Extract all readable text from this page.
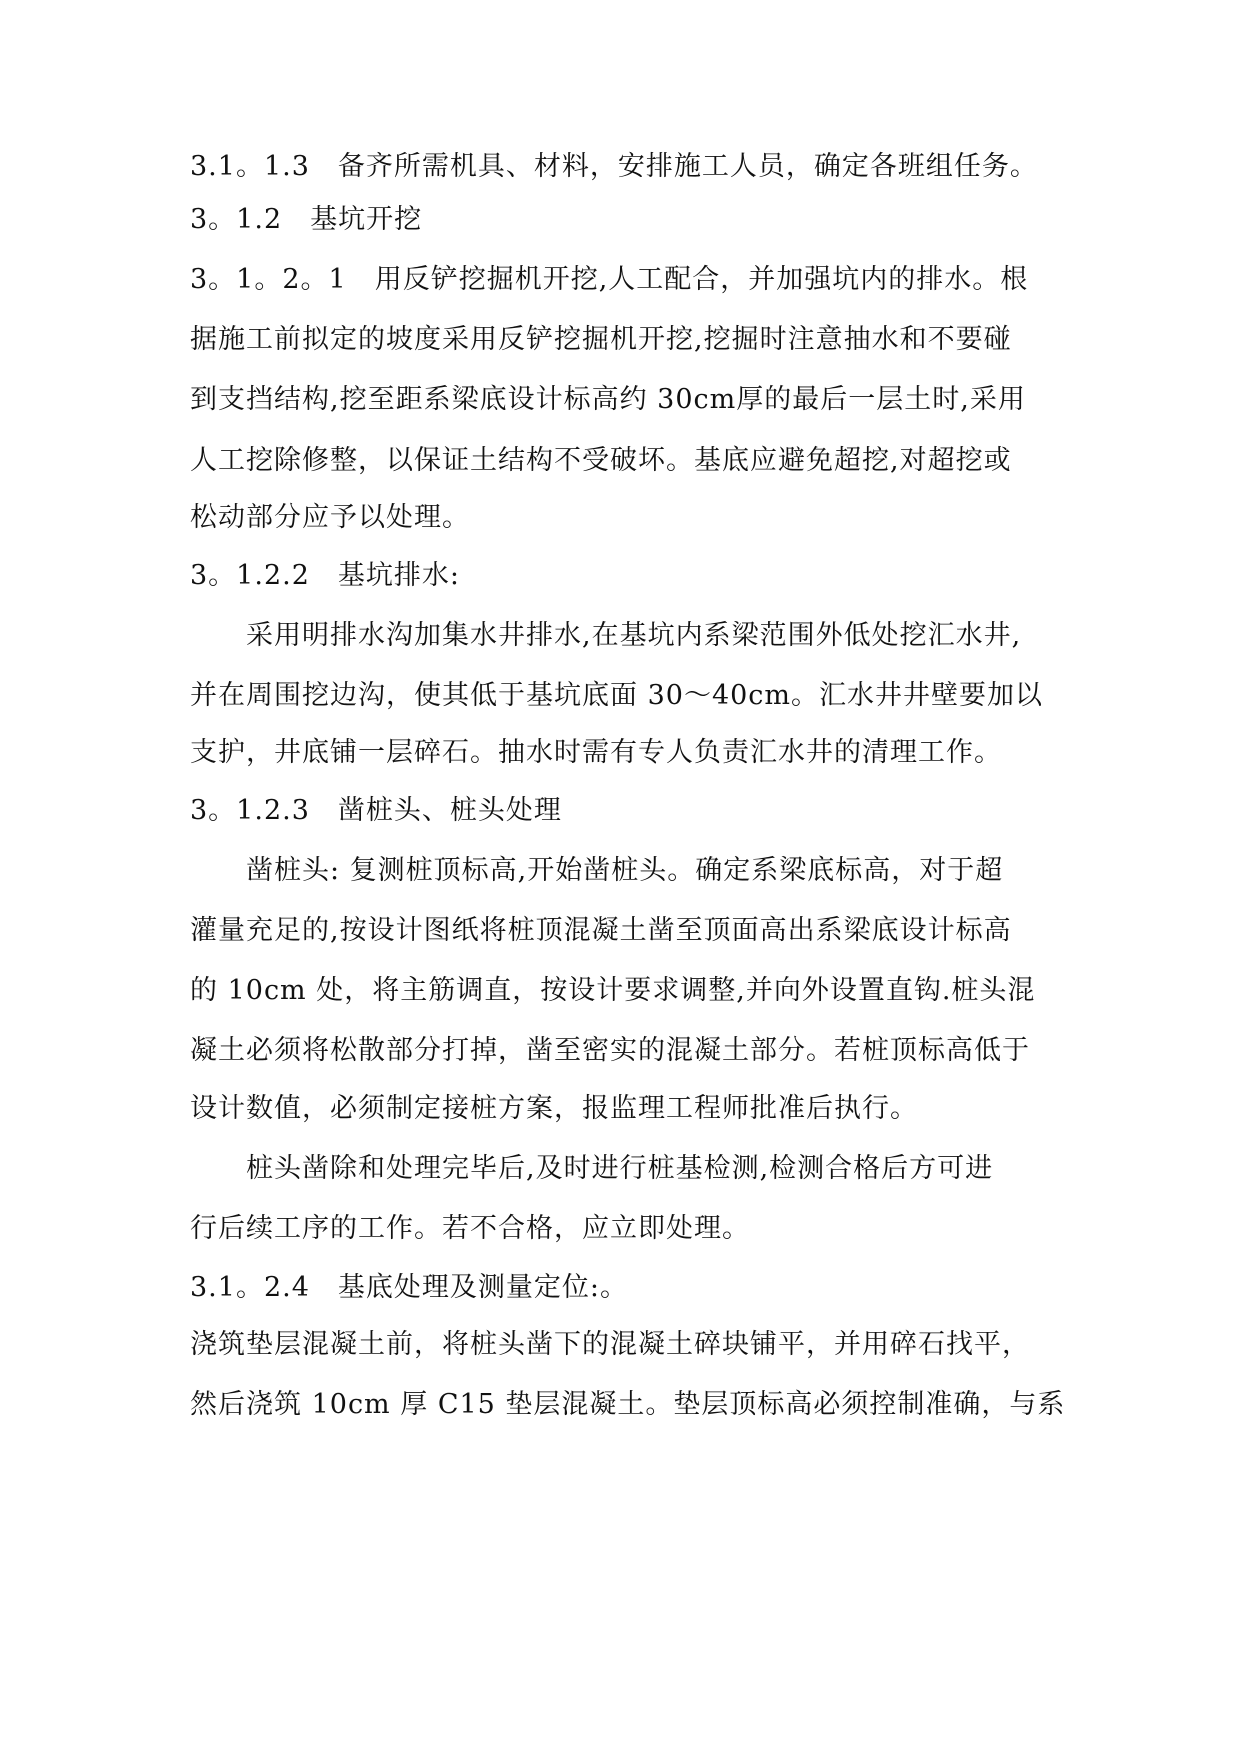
3.1。1.3　备齐所需机具、材料，安排施工人员，确定各班组任务。
3。1.2　基坑开挖
3。1。2。1　用反铲挖掘机开挖,人工配合，并加强坑内的排水。根
据施工前拟定的坡度采用反铲挖掘机开挖,挖掘时注意抽水和不要碰
到支挡结构,挖至距系梁底设计标高约 30cm厚的最后一层土时,采用
人工挖除修整，以保证土结构不受破坏。基底应避免超挖,对超挖或
松动部分应予以处理。
3。1.2.2　基坑排水:
采用明排水沟加集水井排水,在基坑内系梁范围外低处挖汇水井,
并在周围挖边沟，使其低于基坑底面 30～40cm。汇水井井壁要加以
支护，井底铺一层碎石。抽水时需有专人负责汇水井的清理工作。
3。1.2.3　凿桩头、桩头处理
凿桩头: 复测桩顶标高,开始凿桩头。确定系梁底标高，对于超
灌量充足的,按设计图纸将桩顶混凝土凿至顶面高出系梁底设计标高
的 10cm 处，将主筋调直，按设计要求调整,并向外设置直钩.桩头混
凝土必须将松散部分打掉，凿至密实的混凝土部分。若桩顶标高低于
设计数值，必须制定接桩方案，报监理工程师批准后执行。
桩头凿除和处理完毕后,及时进行桩基检测,检测合格后方可进
行后续工序的工作。若不合格，应立即处理。
3.1。2.4　基底处理及测量定位:。
浇筑垫层混凝土前，将桩头凿下的混凝土碎块铺平，并用碎石找平，
然后浇筑 10cm 厚 C15 垫层混凝土。垫层顶标高必须控制准确，与系
